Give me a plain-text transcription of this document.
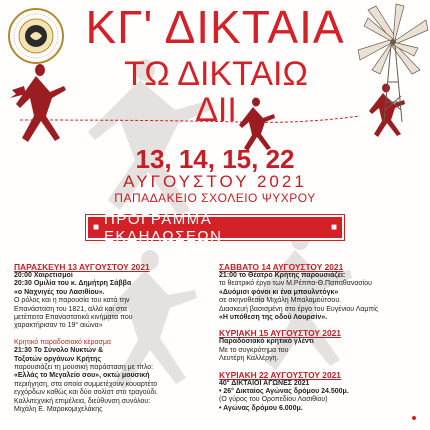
ΚΓ' ΔΙΚΤΑΙΑ
ΤΩ ΔΙΚΤΑΙΩ ΔΙΙ
13, 14, 15, 22
ΑΥΓΟΥΣΤΟΥ 2021
ΠΑΠΑΔΑΚΕΙΟ ΣΧΟΛΕΙΟ ΨΥΧΡΟΥ
■ ΠΡΟΓΡΑΜΜΑ ΕΚΔΗΛΩΣΕΩΝ	■
ΠΑΡΑΣΚΕΥΗ 13 ΑΥΓΟΥΣΤΟΥ 2021
20:00 Χαιρετισμοί
20:30 Ομιλία του κ. Δημήτρη Σάββα
«ο Ναχνιγές του Λασιθίου».
Ο ρόλος και η παρουσία του κατά την
Επανάσταση του 1821, αλλά και στα
μετέπειτα Επαναστατικά κινήματα που
χαρακτήρισαν το 19° αιώνα»
Κρητικό παραδοσιακό κέρασμα
21:30 Το Σύνολο Νυκτών &
Τοξοτών οργάνων Κρήτης
παρουσιάζει τη μουσική παράσταση με τίτλο:
«Ελλάς το Μεγαλείο σου», οκτώ μουσική
περιήγηση, στα οποία συμμετέχουν κουαρτέτο
εγχόρδων καθώς και δύο σολίστ στο τραγούδι.
Καλλιτεχνική επιμέλεια, διεύθυνση συνόλου:
Μιχάλη Ε. Μαροκομιχελάκης
ΣΑΒΒΑΤΟ 14 ΑΥΓΟΥΣΤΟΥ 2021
21:00 το Θέατρο Κρήτης παρουσιάζει:
το θεατρικό έργο των Μ.Ρέππα-Θ.Παπαθανασίου
«Δυόμισι φόνοι κι ένα μπουλντόγκ»
σε σκηνοθεσία Μιχάλη Μπαλαμούτσου.
Διασκευή βασισμένη στο έργο του Ευγένιου Λαμπίς
«Η υπόθεση της οδού Λουρσίν».
ΚΥΡΙΑΚΗ 15 ΑΥΓΟΥΣΤΟΥ 2021
Παραδοσιακό κρητικό γλέντι
Με το συγκρότημα του
Λευτέρη Καλλέργη.
ΚΥΡΙΑΚΗ 22 ΑΥΓΟΥΣΤΟΥ 2021
40° ΔΙΚΤΑΙΟΙ ΑΓΩΝΕΣ 2021
• 26° Δικταίος Αγώνας δρόμου 24.500μ.
(Ο γύρος του Οροπεδίου Λασιθίου)
• Αγώνας δρόμου 6.000μ.
